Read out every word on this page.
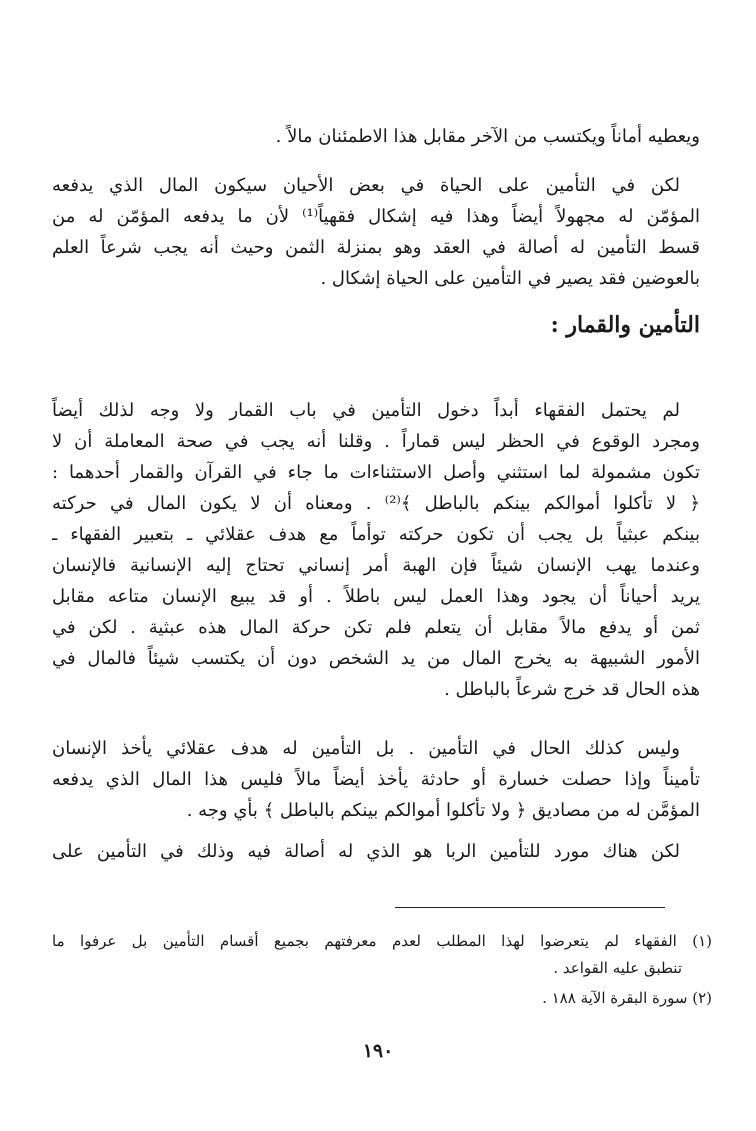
ويعطيه أماناً ويكتسب من الآخر مقابل هذا الاطمئنان مالاً .
لكن في التأمين على الحياة في بعض الأحيان سيكون المال الذي يدفعه
المؤمّن له مجهولاً أيضاً وهذا فيه إشكال فقهياً⁽¹⁾ لأن ما يدفعه المؤمّن له من
قسط التأمين له أصالة في العقد وهو بمنزلة الثمن وحيث أنه يجب شرعاً العلم
بالعوضين فقد يصير في التأمين على الحياة إشكال .
التأمين والقمار :
لم يحتمل الفقهاء أبداً دخول التأمين في باب القمار ولا وجه لذلك أيضاً
ومجرد الوقوع في الحظر ليس قماراً . وقلنا أنه يجب في صحة المعاملة أن لا
تكون مشمولة لما استثني وأصل الاستثناءات ما جاء في القرآن والقمار أحدهما :
﴿ لا تأكلوا أموالكم بينكم بالباطل ﴾⁽²⁾ . ومعناه أن لا يكون المال في حركته
بينكم عبثياً بل يجب أن تكون حركته توأماً مع هدف عقلائي ـ بتعبير الفقهاء ـ
وعندما يهب الإنسان شيئاً فإن الهبة أمر إنساني تحتاج إليه الإنسانية فالإنسان
يريد أحياناً أن يجود وهذا العمل ليس باطلاً . أو قد يبيع الإنسان متاعه مقابل
ثمن أو يدفع مالاً مقابل أن يتعلم فلم تكن حركة المال هذه عبثية . لكن في
الأمور الشبيهة به يخرج المال من يد الشخص دون أن يكتسب شيئاً فالمال في
هذه الحال قد خرج شرعاً بالباطل .
وليس كذلك الحال في التأمين . بل التأمين له هدف عقلائي يأخذ الإنسان
تأميناً وإذا حصلت خسارة أو حادثة يأخذ أيضاً مالاً فليس هذا المال الذي يدفعه
المؤمَّن له من مصاديق ﴿ ولا تأكلوا أموالكم بينكم بالباطل ﴾ بأي وجه .
لكن هناك مورد للتأمين الربا هو الذي له أصالة فيه وذلك في التأمين على
(١) الفقهاء لم يتعرضوا لهذا المطلب لعدم معرفتهم بجميع أقسام التأمين بل عرفوا ما
تنطبق عليه القواعد .
(٢) سورة البقرة الآية ١٨٨ .
١٩٠
